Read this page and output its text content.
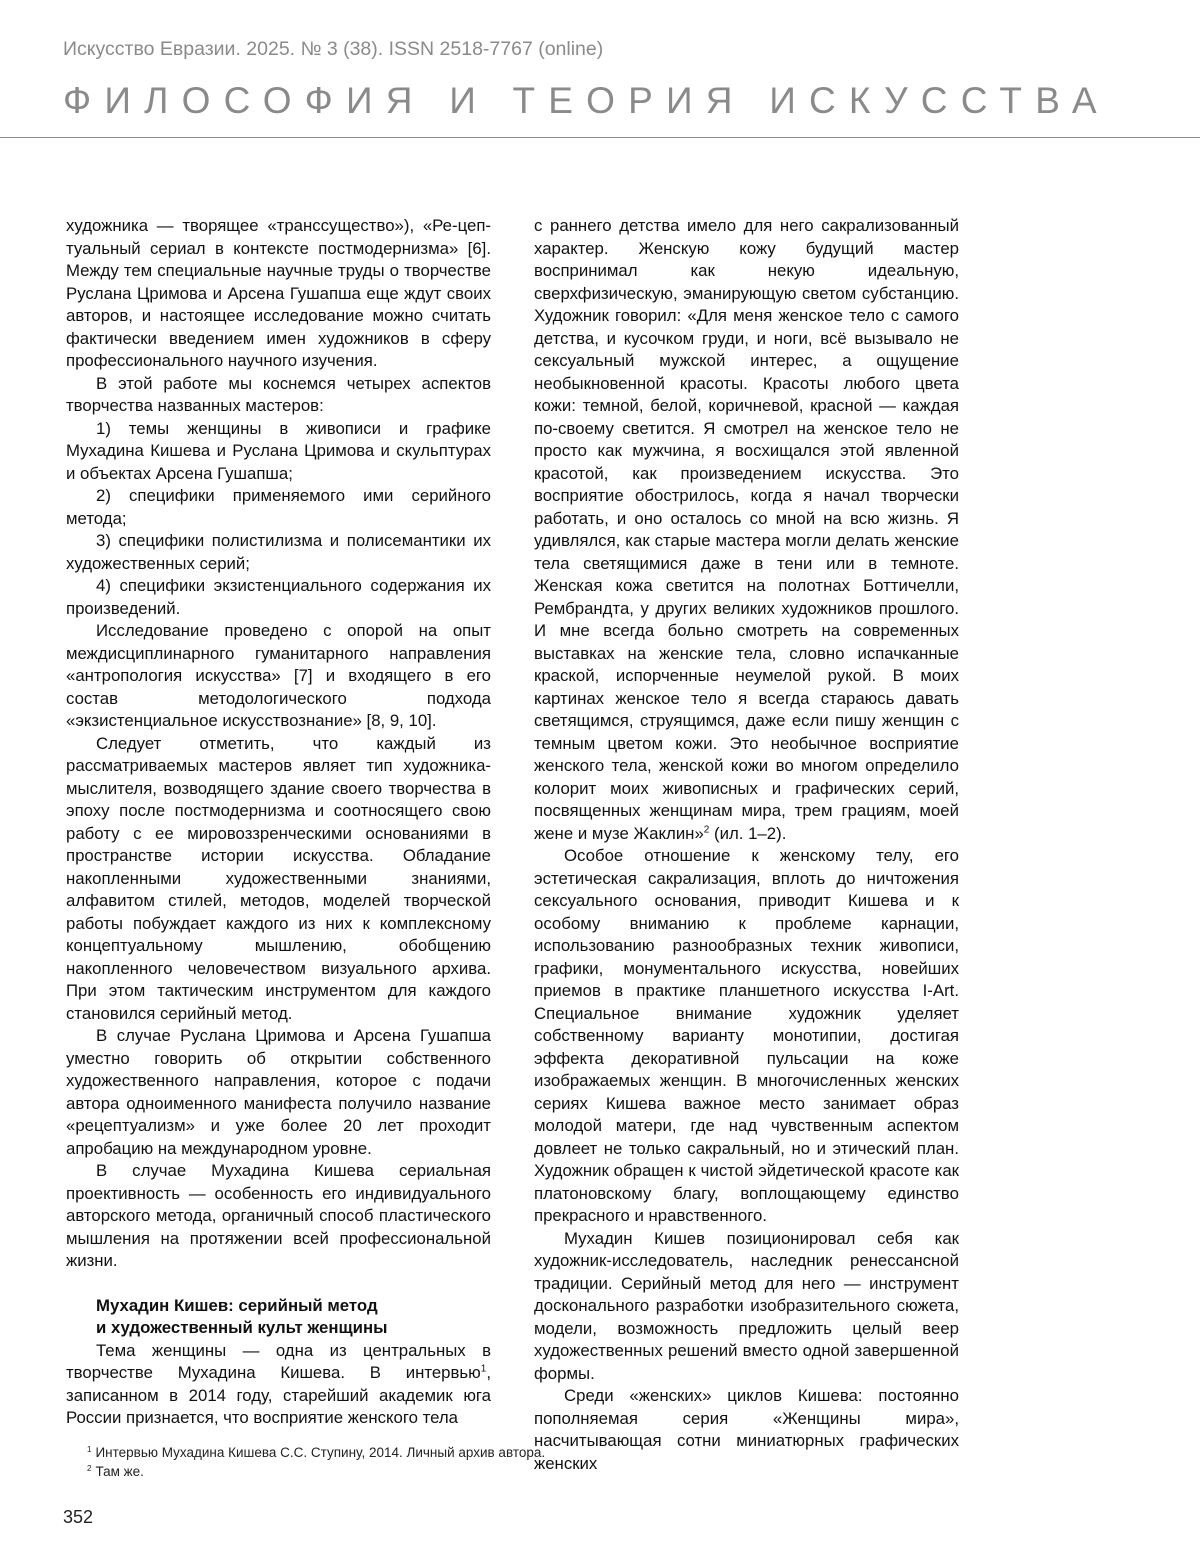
Искусство Евразии. 2025. № 3 (38). ISSN 2518-7767 (online)
ФИЛОСОФИЯ И ТЕОРИЯ ИСКУССТВА

художника — творящее «транссущество»), «Ре-цеп-туальный сериал в контексте постмодернизма» [6]. Между тем специальные научные труды о творчестве Руслана Цримова и Арсена Гушапша еще ждут своих авторов, и настоящее исследование можно считать фактически введением имен художников в сферу профессионального научного изучения.

В этой работе мы коснемся четырех аспектов творчества названных мастеров:

1) темы женщины в живописи и графике Мухадина Кишева и Руслана Цримова и скульптурах и объектах Арсена Гушапша;

2) специфики применяемого ими серийного метода;

3) специфики полистилизма и полисемантики их художественных серий;

4) специфики экзистенциального содержания их произведений.

Исследование проведено с опорой на опыт междисциплинарного гуманитарного направления «антропология искусства» [7] и входящего в его состав методологического подхода «экзистенциальное искусствознание» [8, 9, 10].

Следует отметить, что каждый из рассматриваемых мастеров являет тип художника-мыслителя, возводящего здание своего творчества в эпоху после постмодернизма и соотносящего свою работу с ее мировоззренческими основаниями в пространстве истории искусства. Обладание накопленными художественными знаниями, алфавитом стилей, методов, моделей творческой работы побуждает каждого из них к комплексному концептуальному мышлению, обобщению накопленного человечеством визуального архива. При этом тактическим инструментом для каждого становился серийный метод.

В случае Руслана Цримова и Арсена Гушапша уместно говорить об открытии собственного художественного направления, которое с подачи автора одноименного манифеста получило название «рецептуализм» и уже более 20 лет проходит апробацию на международном уровне.

В случае Мухадина Кишева сериальная проективность — особенность его индивидуального авторского метода, органичный способ пластического мышления на протяжении всей профессиональной жизни.

Мухадин Кишев: серийный метод
и художественный культ женщины

Тема женщины — одна из центральных в творчестве Мухадина Кишева. В интервью$^1$, записанном в 2014 году, старейший академик юга России признается, что восприятие женского тела

с раннего детства имело для него сакрализованный характер. Женскую кожу будущий мастер воспринимал как некую идеальную, сверхфизическую, эманирующую светом субстанцию. Художник говорил: «Для меня женское тело с самого детства, и кусочком груди, и ноги, всё вызывало не сексуальный мужской интерес, а ощущение необыкновенной красоты. Красоты любого цвета кожи: темной, белой, коричневой, красной — каждая по-своему светится. Я смотрел на женское тело не просто как мужчина, я восхищался этой явленной красотой, как произведением искусства. Это восприятие обострилось, когда я начал творчески работать, и оно осталось со мной на всю жизнь. Я удивлялся, как старые мастера могли делать женские тела светящимися даже в тени или в темноте. Женская кожа светится на полотнах Боттичелли, Рембрандта, у других великих художников прошлого. И мне всегда больно смотреть на современных выставках на женские тела, словно испачканные краской, испорченные неумелой рукой. В моих картинах женское тело я всегда стараюсь давать светящимся, струящимся, даже если пишу женщин с темным цветом кожи. Это необычное восприятие женского тела, женской кожи во многом определило колорит моих живописных и графических серий, посвященных женщинам мира, трем грациям, моей жене и музе Жаклин»$^2$ (ил. 1–2).

Особое отношение к женскому телу, его эстетическая сакрализация, вплоть до ничтожения сексуального основания, приводит Кишева и к особому вниманию к проблеме карнации, использованию разнообразных техник живописи, графики, монументального искусства, новейших приемов в практике планшетного искусства I-Art. Специальное внимание художник уделяет собственному варианту монотипии, достигая эффекта декоративной пульсации на коже изображаемых женщин. В многочисленных женских сериях Кишева важное место занимает образ молодой матери, где над чувственным аспектом довлеет не только сакральный, но и этический план. Художник обращен к чистой эйдетической красоте как платоновскому благу, воплощающему единство прекрасного и нравственного.

Мухадин Кишев позиционировал себя как художник-исследователь, наследник ренессансной традиции. Серийный метод для него — инструмент досконального разработки изобразительного сюжета, модели, возможность предложить целый веер художественных решений вместо одной завершенной формы.

Среди «женских» циклов Кишева: постоянно пополняемая серия «Женщины мира», насчитывающая сотни миниатюрных графических женских

$^1$ Интервью Мухадина Кишева С.С. Ступину, 2014. Личный архив автора.
$^2$ Там же.
352
